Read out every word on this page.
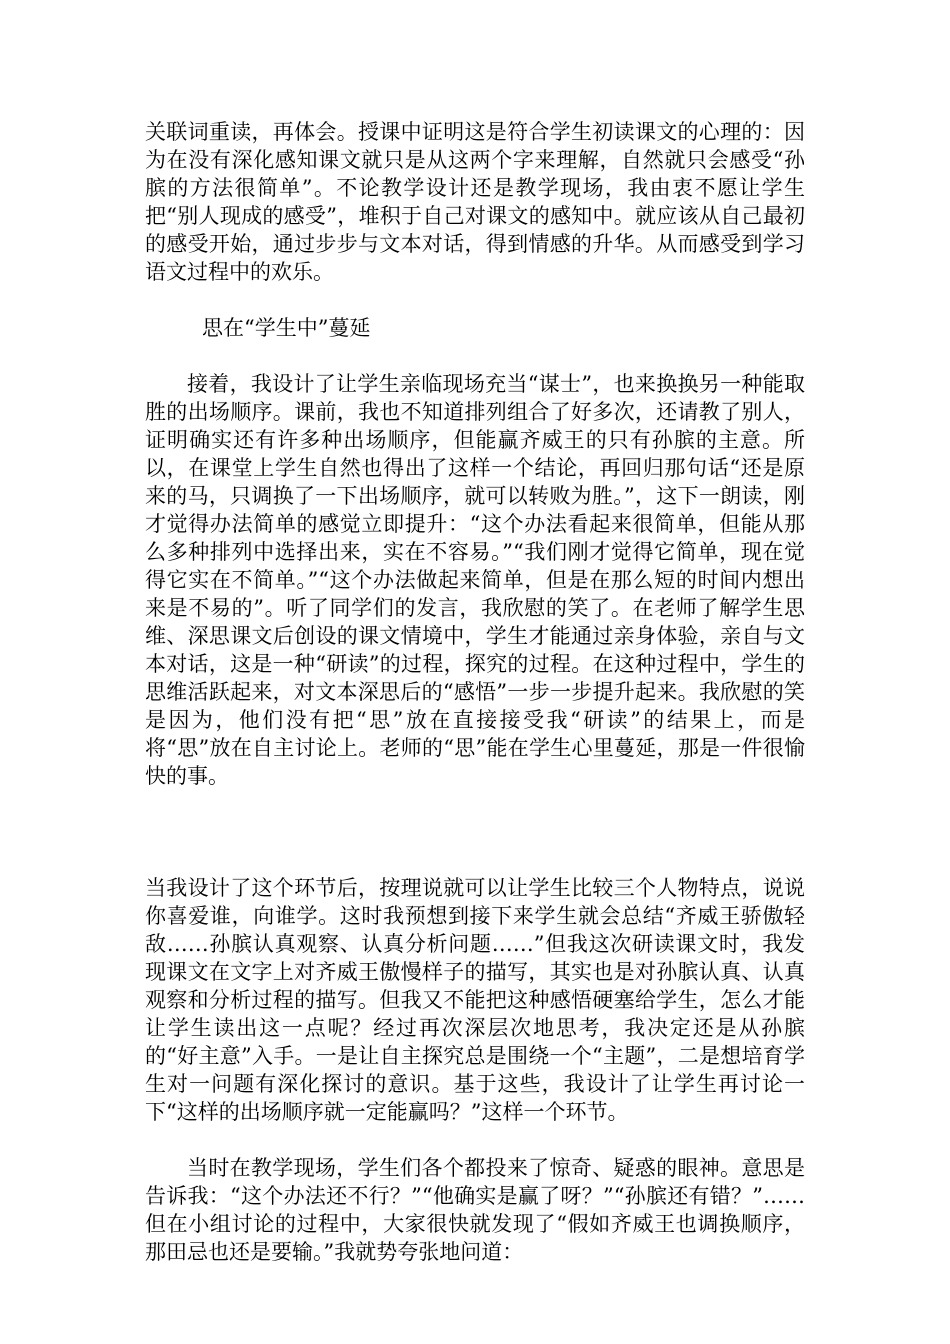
关联词重读，再体会。授课中证明这是符合学生初读课文的心理的：因为在没有深化感知课文就只是从这两个字来理解，自然就只会感受“孙膑的方法很简单”。不论教学设计还是教学现场，我由衷不愿让学生把“别人现成的感受”，堆积于自己对课文的感知中。就应该从自己最初的感受开始，通过步步与文本对话，得到情感的升华。从而感受到学习语文过程中的欢乐。

思在“学生中”蔓延

接着，我设计了让学生亲临现场充当“谋士”，也来换换另一种能取胜的出场顺序。课前，我也不知道排列组合了好多次，还请教了别人，证明确实还有许多种出场顺序，但能赢齐威王的只有孙膑的主意。所以，在课堂上学生自然也得出了这样一个结论，再回归那句话“还是原来的马，只调换了一下出场顺序，就可以转败为胜。”，这下一朗读，刚才觉得办法简单的感觉立即提升：“这个办法看起来很简单，但能从那么多种排列中选择出来，实在不容易。”“我们刚才觉得它简单，现在觉得它实在不简单。”“这个办法做起来简单，但是在那么短的时间内想出来是不易的”。听了同学们的发言，我欣慰的笑了。在老师了解学生思维、深思课文后创设的课文情境中，学生才能通过亲身体验，亲自与文本对话，这是一种“研读”的过程，探究的过程。在这种过程中，学生的思维活跃起来，对文本深思后的“感悟”一步一步提升起来。我欣慰的笑是因为，他们没有把“思”放在直接接受我“研读”的结果上，而是将“思”放在自主讨论上。老师的“思”能在学生心里蔓延，那是一件很愉快的事。

当我设计了这个环节后，按理说就可以让学生比较三个人物特点，说说你喜爱谁，向谁学。这时我预想到接下来学生就会总结“齐威王骄傲轻敌……孙膑认真观察、认真分析问题……”但我这次研读课文时，我发现课文在文字上对齐威王傲慢样子的描写，其实也是对孙膑认真、认真观察和分析过程的描写。但我又不能把这种感悟硬塞给学生，怎么才能让学生读出这一点呢？经过再次深层次地思考，我决定还是从孙膑的“好主意”入手。一是让自主探究总是围绕一个“主题”，二是想培育学生对一问题有深化探讨的意识。基于这些，我设计了让学生再讨论一下“这样的出场顺序就一定能赢吗？”这样一个环节。

当时在教学现场，学生们各个都投来了惊奇、疑惑的眼神。意思是告诉我：“这个办法还不行？”“他确实是赢了呀？”“孙膑还有错？”……但在小组讨论的过程中，大家很快就发现了“假如齐威王也调换顺序，那田忌也还是要输。”我就势夸张地问道：
